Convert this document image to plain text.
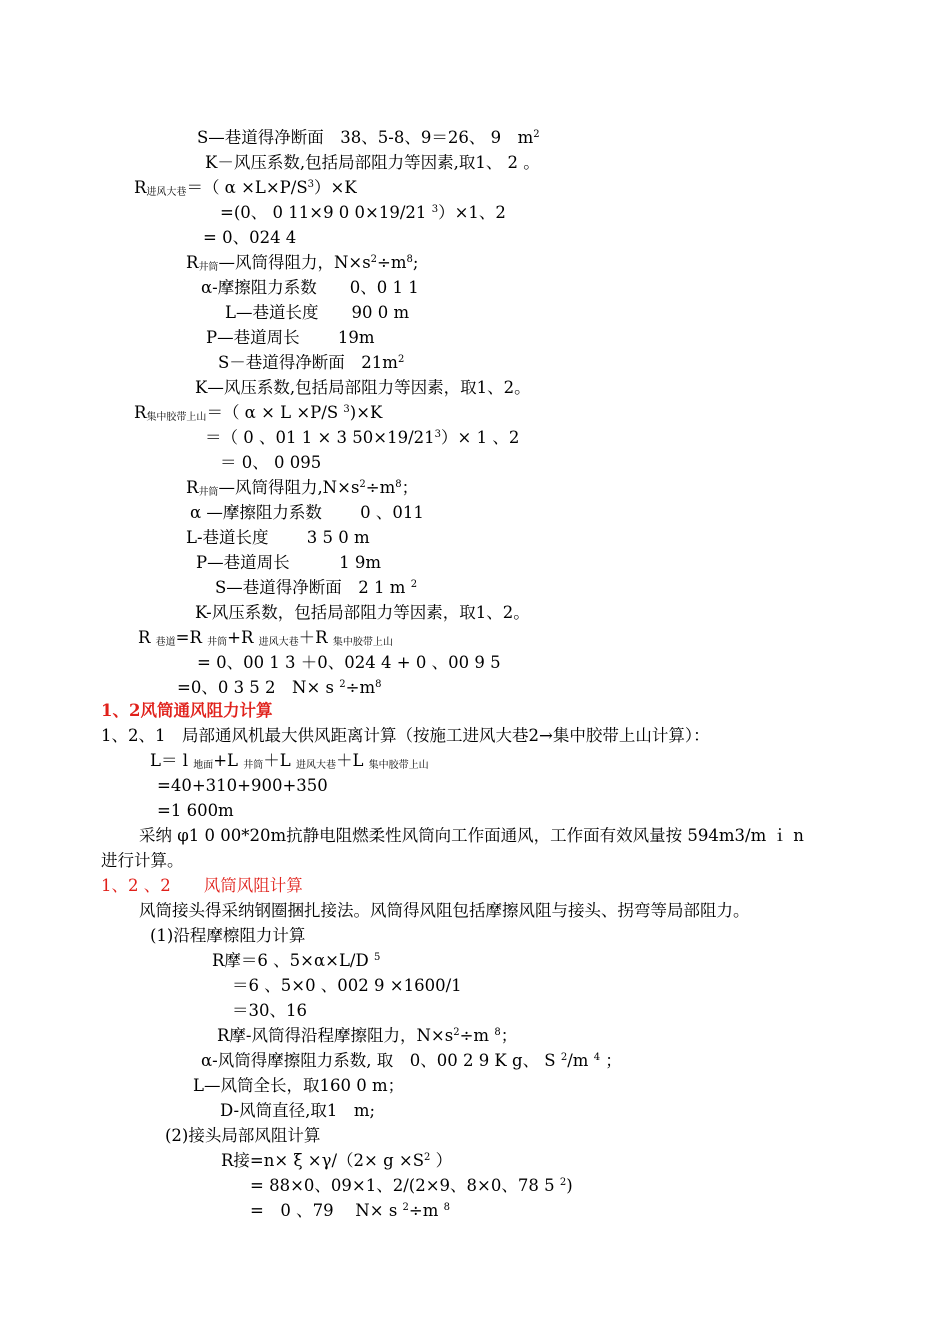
S—巷道得净断面　38、5-8、9＝26、 9　$m^2$
K－风压系数,包括局部阻力等因素,取1、 2 。
$R_{进风大巷}=$（ $\alpha \times L\times P/S^3)\times K$
=(0、 0 11×9 0 0×19/21 $^3$）×1、2
= 0、024 4
$R_{井筒}—$风筒得阻力，$N\times s^2\div m^8$;
α-摩擦阻力系数　　0、0 1 1
L—巷道长度　　90 0 m
P—巷道周长　　 19m
S－巷道得净断面　$21m^2$
K—风压系数,包括局部阻力等因素，取1、2。
$R_{集中胶带上山}=$（ α × L ×P/S $^3$)×K
＝（ 0 、01 1 × 3 $50\times 19/21^3)\times 1$ 、2
＝ 0、 0 095
$R_{井筒}—$风筒得阻力$,N\times s^2\div m^8$；
α —摩擦阻力系数　　 0 、011
L-巷道长度　　 3 5 0 m
P—巷道周长　　　1 9m
S—巷道得净断面　2 1 m $^2$
K-风压系数，包括局部阻力等因素，取1、2。
R $_{巷道}$=R $_{井筒}$+R $_{进风大巷}$＋R $_{集中胶带上山}$
= 0、00 1 3 ＋0、024 4 + 0 、00 9 5
=0、0 3 5 2　N× s $^2\div m^8$
1、2风筒通风阻力计算
1、2、1　局部通风机最大供风距离计算（按施工进风大巷2→集中胶带上山计算）：
L＝ l $_{地面}$+L $_{井筒}$＋L $_{进风大巷}$＋L $_{集中胶带上山}$
=40+310+900+350
=1 600m
采纳 φ1 0 00*20m抗静电阻燃柔性风筒向工作面通风，工作面有效风量按 594m3/m ｉ n
进行计算。
1、2 、2　　风筒风阻计算
风筒接头得采纳钢圈捆扎接法。风筒得风阻包括摩擦风阻与接头、拐弯等局部阻力。
(1)沿程摩檫阻力计算
R摩＝6 、5×α×L/D $^5$
＝6 、5×0 、002 9 ×1600/1
＝30、16
R摩-风筒得沿程摩擦阻力，$N\times s^2\div m$ $^8$；
α-风筒得摩擦阻力系数, 取　0、00 2 9 K g、 S $^2$/m $^4$ ；
L—风筒全长，取160 0 m；
D-风筒直径,取1　m;
(2)接头局部风阻计算
R接$=n\times \xi \times\gamma/(2\times g \times S^2$ ）
= 88×0、09×1、2/(2×9、8×0、78 5 $^2$)
=　0 、79　 N× s $^2$÷m $^8$
